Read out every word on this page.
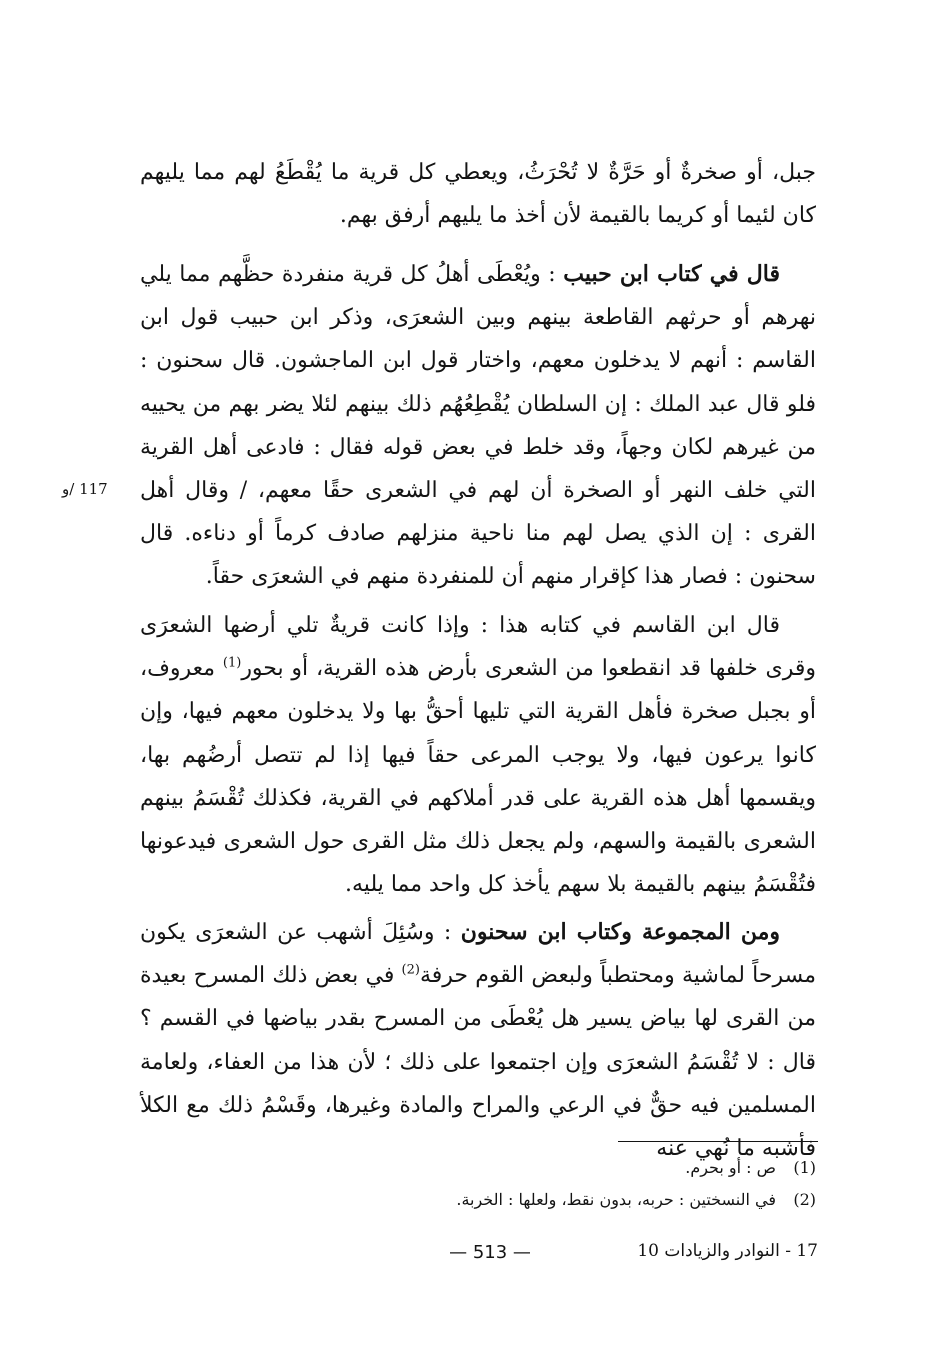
جبل، أو صخرةٌ أو حَرَّةٌ لا تُحْرَثُ، ويعطي كل قرية ما يُقْطَعُ لهم مما يليهم كان لئيما أو كريما بالقيمة لأن أخذ ما يليهم أرفق بهم.

قال في كتاب ابن حبيب : ويُعْطَى أهلُ كل قرية منفردة حظَّهم مما يلي نهرهم أو حرثهم القاطعة بينهم وبين الشعرَى، وذكر ابن حبيب قول ابن القاسم : أنهم لا يدخلون معهم، واختار قول ابن الماجشون. قال سحنون : فلو قال عبد الملك : إن السلطان يُقْطِعُهُم ذلك بينهم لئلا يضر بهم من يحييه من غيرهم لكان وجهاً، وقد خلط في بعض قوله فقال : فادعى أهل القرية التي خلف النهر أو الصخرة أن لهم في الشعرى حقًا معهم، / وقال أهل القرى : إن الذي يصل لهم منا ناحية منزلهم صادف كرماً أو دناءه. قال سحنون : فصار هذا كإقرار منهم أن للمنفردة منهم في الشعرَى حقاً.

117 /و

قال ابن القاسم في كتابه هذا : وإذا كانت قريةٌ تلي أرضها الشعرَى وقرى خلفها قد انقطعوا من الشعرى بأرض هذه القرية، أو بحور$^{(1)}$ معروف، أو بجبل صخرة فأهل القرية التي تليها أحقُّ بها ولا يدخلون معهم فيها، وإن كانوا يرعون فيها، ولا يوجب المرعى حقاً فيها إذا لم تتصل أرضُهم بها، ويقسمها أهل هذه القرية على قدر أملاكهم في القرية، فكذلك تُقْسَمُ بينهم الشعرى بالقيمة والسهم، ولم يجعل ذلك مثل القرى حول الشعرى فيدعونها فتُقْسَمُ بينهم بالقيمة بلا سهم يأخذ كل واحد مما يليه.

ومن المجموعة وكتاب ابن سحنون : وسُئِلَ أشهب عن الشعرَى يكون مسرحاً لماشية ومحتطباً ولبعض القوم حرفة$^{(2)}$ في بعض ذلك المسرح بعيدة من القرى لها بياض يسير هل يُعْطَى من المسرح بقدر بياضها في القسم ؟ قال : لا تُقْسَمُ الشعرَى وإن اجتمعوا على ذلك ؛ لأن هذا من العفاء، ولعامة المسلمين فيه حقٌّ في الرعي والمراح والمادة وغيرها، وقَسْمُ ذلك مع الكلأ فأشبه ما نُهي عنه

(1)ص : أو بحرم.
(2)في النسختين : حربه، بدون نقط، ولعلها : الخربة.
— 513 —	17 - النوادر والزيادات 10
